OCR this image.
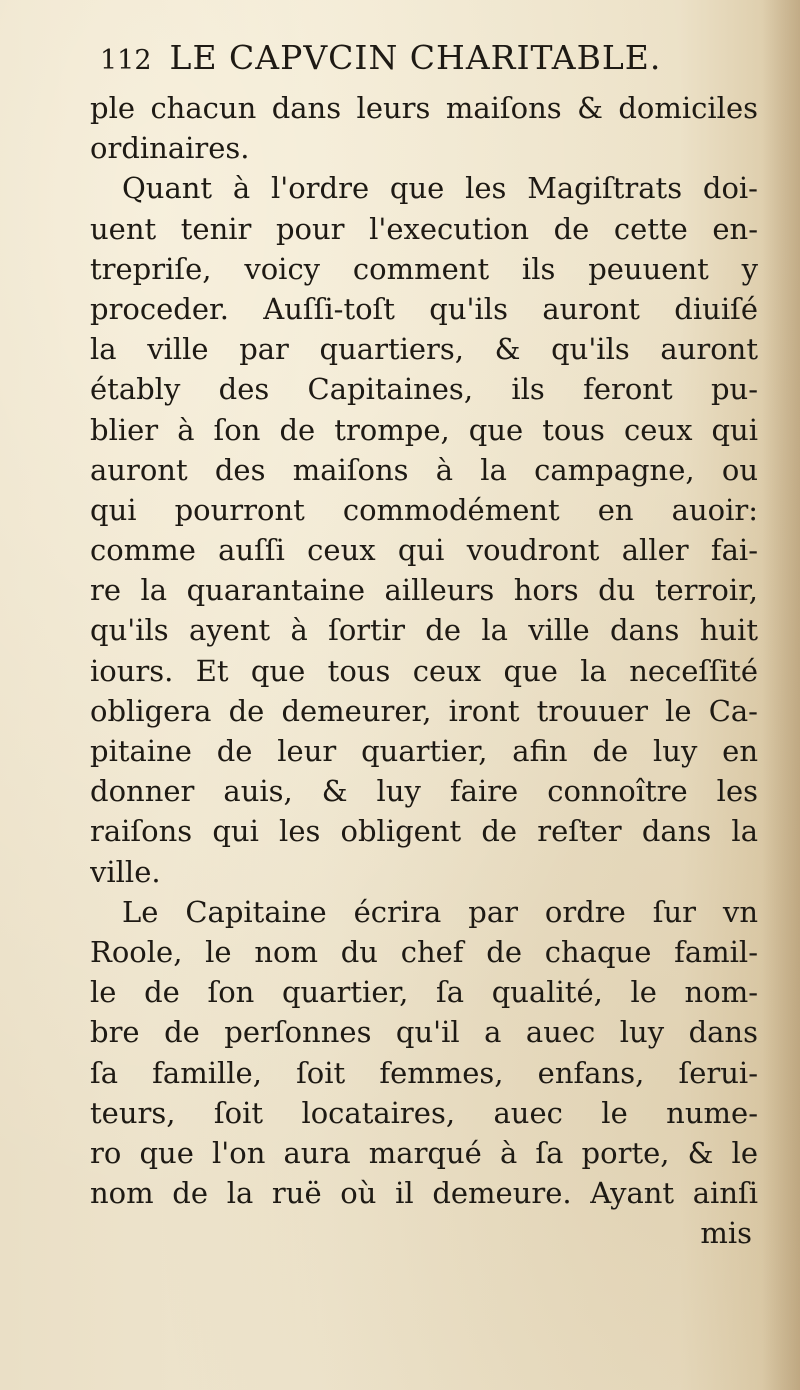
112 LE CAPVCIN CHARITABLE.
ple chacun dans leurs maiſons & domiciles
ordinaires.
Quant à l'ordre que les Magiſtrats doi-
uent tenir pour l'execution de cette en-
trepriſe, voicy comment ils peuuent y
proceder. Auſſi-toſt qu'ils auront diuiſé
la ville par quartiers, & qu'ils auront
étably des Capitaines, ils feront pu-
blier à ſon de trompe, que tous ceux qui
auront des maiſons à la campagne, ou
qui pourront commodément en auoir:
comme auſſi ceux qui voudront aller fai-
re la quarantaine ailleurs hors du terroir,
qu'ils ayent à ſortir de la ville dans huit
iours. Et que tous ceux que la neceſſité
obligera de demeurer, iront trouuer le Ca-
pitaine de leur quartier, afin de luy en
donner auis, & luy faire connoître les
raiſons qui les obligent de reſter dans la
ville.
Le Capitaine écrira par ordre ſur vn
Roole, le nom du chef de chaque famil-
le de ſon quartier, ſa qualité, le nom-
bre de perſonnes qu'il a auec luy dans
ſa famille, ſoit femmes, enfans, ſerui-
teurs, ſoit locataires, auec le nume-
ro que l'on aura marqué à ſa porte, & le
nom de la ruë où il demeure. Ayant ainſi
mis
